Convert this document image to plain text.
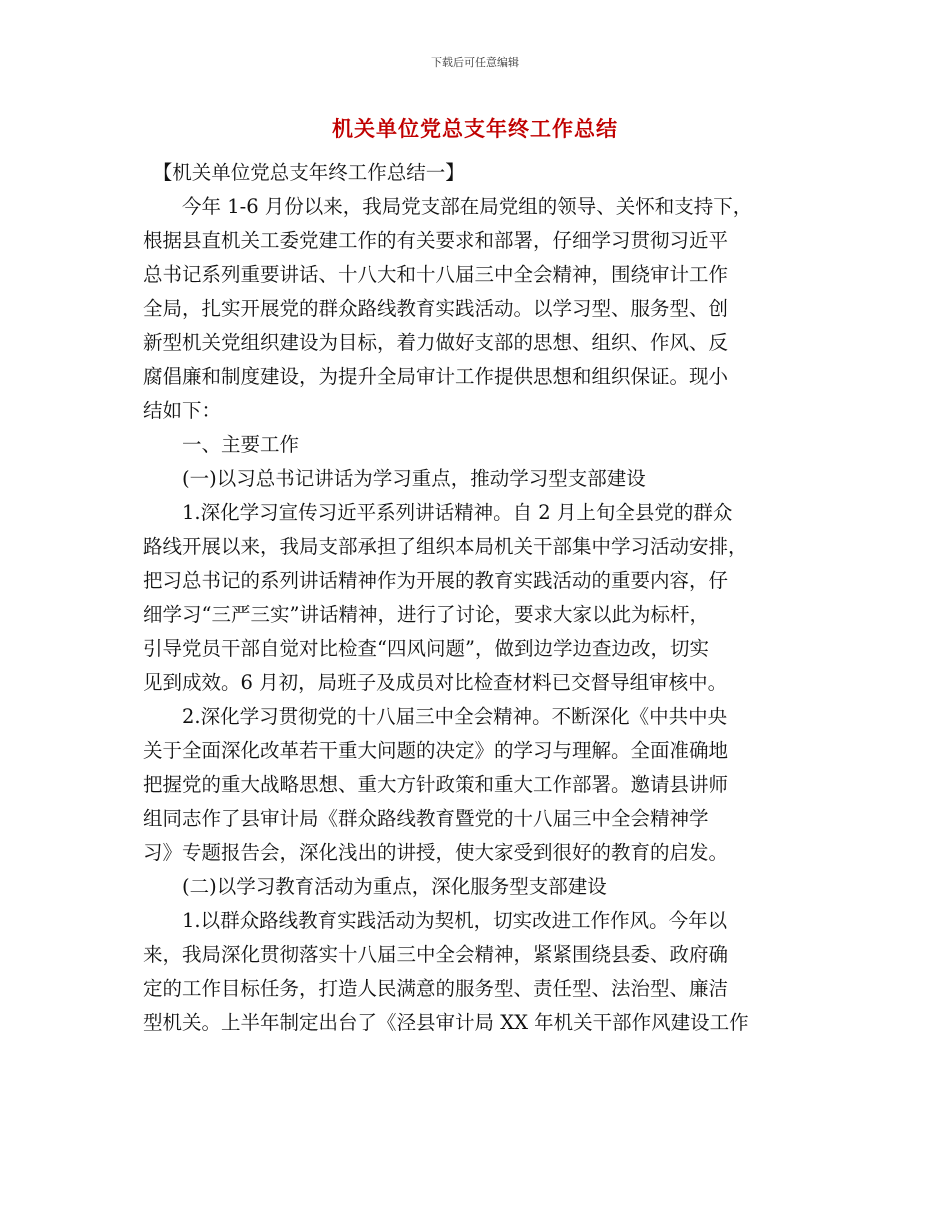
下载后可任意编辑
机关单位党总支年终工作总结

【机关单位党总支年终工作总结一】

今年 1-6 月份以来，我局党支部在局党组的领导、关怀和支持下，
根据县直机关工委党建工作的有关要求和部署，仔细学习贯彻习近平
总书记系列重要讲话、十八大和十八届三中全会精神，围绕审计工作
全局，扎实开展党的群众路线教育实践活动。以学习型、服务型、创
新型机关党组织建设为目标，着力做好支部的思想、组织、作风、反
腐倡廉和制度建设，为提升全局审计工作提供思想和组织保证。现小
结如下：

一、主要工作

(一)以习总书记讲话为学习重点，推动学习型支部建设

1.深化学习宣传习近平系列讲话精神。自 2 月上旬全县党的群众
路线开展以来，我局支部承担了组织本局机关干部集中学习活动安排，
把习总书记的系列讲话精神作为开展的教育实践活动的重要内容，仔
细学习“三严三实”讲话精神，进行了讨论，要求大家以此为标杆，
引导党员干部自觉对比检查“四风问题”，做到边学边查边改，切实
见到成效。6 月初，局班子及成员对比检查材料已交督导组审核中。

2.深化学习贯彻党的十八届三中全会精神。不断深化《中共中央
关于全面深化改革若干重大问题的决定》的学习与理解。全面准确地
把握党的重大战略思想、重大方针政策和重大工作部署。邀请县讲师
组同志作了县审计局《群众路线教育暨党的十八届三中全会精神学
习》专题报告会，深化浅出的讲授，使大家受到很好的教育的启发。

(二)以学习教育活动为重点，深化服务型支部建设

1.以群众路线教育实践活动为契机，切实改进工作作风。今年以
来，我局深化贯彻落实十八届三中全会精神，紧紧围绕县委、政府确
定的工作目标任务，打造人民满意的服务型、责任型、法治型、廉洁
型机关。上半年制定出台了《泾县审计局 XX 年机关干部作风建设工作
